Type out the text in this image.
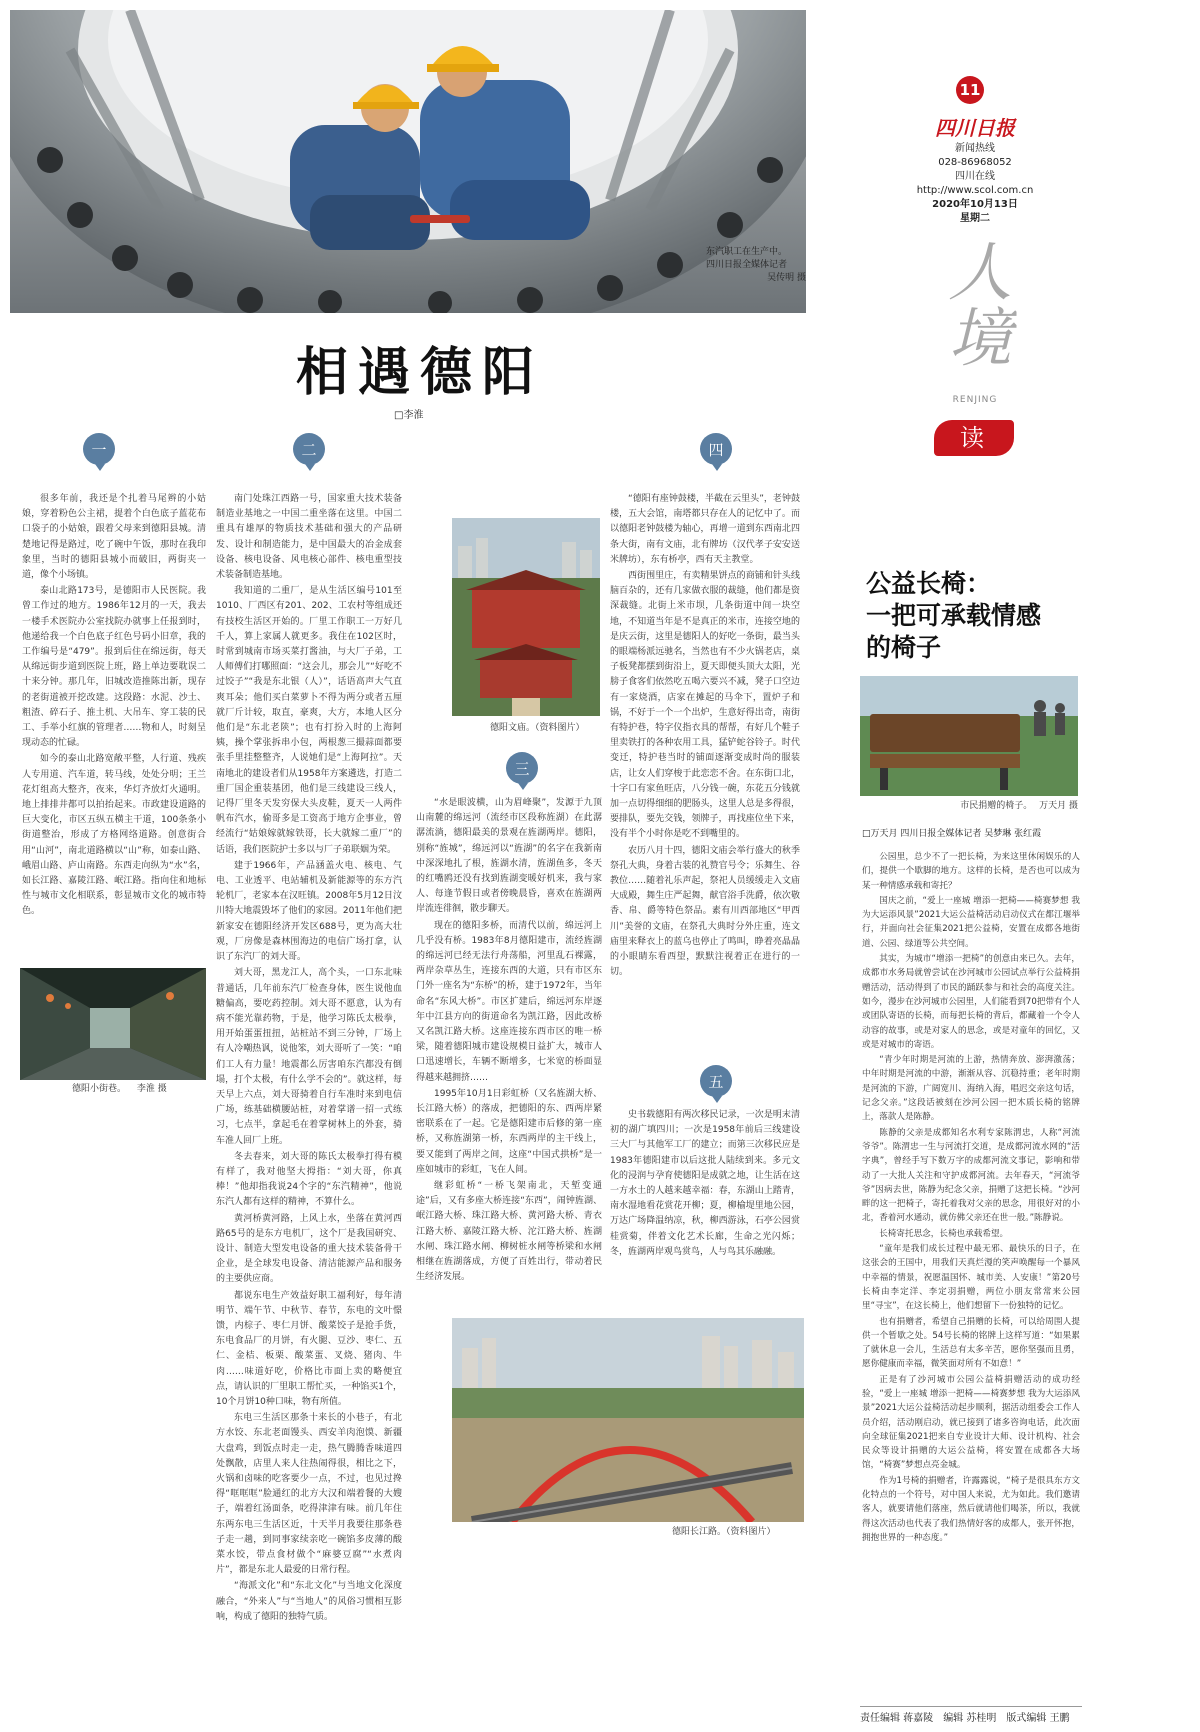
东汽职工在生产中。
四川日报全媒体记者
吴传明 摄
11
四川日报
新闻热线
028-86968052
四川在线
http://www.scol.com.cn
2020年10月13日
星期二
人境
RENJING
读城
相遇德阳
□李淮
一	二	四
三
五

很多年前，我还是个扎着马尾辫的小姑娘，穿着粉色公主裙，提着个白色底子蓝花布口袋子的小姑娘，跟着父母来到德阳县城。清楚地记得是路过，吃了碗中午饭，那时在我印象里，当时的德阳县城小而破旧，两街夹一道，像个小场镇。

泰山北路173号，是德阳市人民医院。我曾工作过的地方。1986年12月的一天，我去一楼手术医院办公室找院办就事上任报到时，他递给我一个白色底子红色号码小旧章，我的工作编号是“479”。报到后住在绵远街，每天从绵远街步道到医院上班，路上单边要耽误二十来分钟。那几年，旧城改造推陈出新，现存的老街道被开挖改建。这段路：水泥、沙土、粗渣、碎石子、推土机、大吊车、穿工装的民工、手举小红旗的管理者……物和人，时刻呈现动态的忙碌。

如今的泰山北路宽敞平整，人行道、残疾人专用道、汽车道，转马线，处处分明；王兰花灯组高大整齐，夜来，华灯齐放灯火通明。地上排排井都可以拍抬起来。市政建设道路的巨大变化，市区五纵五横主干道，100条条小街道整治，形成了方格网络道路。创意街合用“山河”，南北道路横以“山”称，如泰山路、峨眉山路、庐山南路。东西走向纵为“水”名，如长江路、嘉陵江路、岷江路。指向住和地标性与城市文化相联系，彰显城市文化的城市特色。

德阳小街巷。 李淮 摄

南门处珠江西路一号，国家重大技术装备制造业基地之一中国二重坐落在这里。中国二重具有雄厚的物质技术基础和强大的产品研发、设计和制造能力，是中国最大的冶金成套设备、核电设备、风电核心部件、核电重型技术装备制造基地。

我知道的二重厂，是从生活区编号101至1010、厂西区有201、202、工农村等组成还有技校生活区开始的。厂里工作职工一万好几千人，算上家属人就更多。我住在102区时，时常到城南市场买菜打酱油，与大厂子弟，工人师傅们打哪照面：“这会儿，那会儿”“好吃不过饺子”“我是东北银（人）”，话语高声大气直爽耳朵；他们买白菜萝卜不得为两分或者五厘就厂斤计较，取直，豪爽，大方，本地人区分他们是“东北老陕”；也有打扮入时的上海阿姨，操个掌张拆串小包，两根葱三撮蒜面都要张手里挂整整齐，人说她们是“上海阿拉”。天南地北的建设者们从1958年方案遴选，打造二重厂国企重装基团，他们是三线建设三线人，记得厂里冬天发穷保大头皮鞋，夏天一人两件帆布汽水，偷哥多是工资高于地方企事业，曾经流行“姑娘嫁就嫁铁哥，长大就嫁二重厂”的话语，我们医院护士多以与厂子弟联姻为荣。

建于1966年，产品涵盖火电、核电、气电、工业透平、电站辅机及新能源等的东方汽轮机厂，老家本在汉旺镇。2008年5月12日汶川特大地震毁坏了他们的家园。2011年他们把新家安在德阳经济开发区688号，更为高大壮观，厂房像是森林围海边的电信广场打拿，认识了东汽厂的刘大哥。

刘大哥，黑龙江人，高个头，一口东北味普通话，几年前东汽厂检查身体，医生说他血糖偏高，要吃药控制。刘大哥不愿意，认为有病不能光靠药物，于是，他学习陈氏太极拳，用开始蛋蛋扭扭，站桩站不到三分钟，厂场上有人冷嘲热讽，说他笨，刘大哥听了一笑：“咱们工人有力量！地震都么厉害咱东汽都没有倒塌，打个太极，有什么学不会的”。就这样，每天早上六点，刘大哥骑着自行车准时来到电信广场，练基础横腰站桩，对着掌谱一招一式练习，七点半，拿起毛在着掌树林上的外套，骑车准人回厂上班。

冬去春来，刘大哥的陈氏太极拳打得有模有样了，我对他坚大拇指：“刘大哥，你真棒！”他却指我说24个字的“东汽精神”，他说东汽人都有这样的精神，不算什么。

黄河桥黄河路，上风上水，坐落在黄河西路65号的是东方电机厂，这个厂是我国研究、设计、制造大型发电设备的重大技术装备骨干企业，是全球发电设备、清洁能源产品和服务的主要供应商。

都说东电生产效益好职工福利好，每年清明节、端午节、中秋节、春节，东电的文叶憬馈，内棕子、枣仁月饼、酸菜饺子是抢手货，东电食品厂的月饼，有火腿、豆沙、枣仁、五仁、金桔、板栗、酸菜蛋、叉烧、猪肉、牛肉……味道好吃，价格比市面上卖的略便宜点，请认识的厂里职工帮忙买，一种馅买1个，10个月饼10种口味，物有所值。

东电三生活区那条十来长的小巷子，有北方水饺、东北老面馒头、西安羊肉泡馍、新疆大盘鸡，到饭点时走一走，热气腾腾香味道四处飘散，店里人来人往热闹得很，相比之下，火锅和卤味的吃客要少一点，不过，也见过搀得“哐哐哐”脸通红的北方大汉和端着餐的大嫂子，端着红汤面条，吃得津津有味。前几年住东两东电三生活区近，十天半月我要往那条巷子走一趟，到同事家续亲吃一碗馅多皮薄的酸菜水饺，带点食材做个“麻婆豆腐”“水煮肉片”，都是东北人最爱的日常行程。

“海派文化”和“东北文化”与当地文化深度融合，“外来人”与“当地人”的风俗习惯相互影响，构成了德阳的独特气质。

德阳文庙。（资料图片）

“水是眼波横，山为眉峰聚”，发源于九顶山南麓的绵远河（流经市区段称旌湖）在此潺潺流淌，德阳最美的景观在旌湖两岸。德阳，别称“旌城”，绵远河以“旌湖”的名字在我新南中深深地扎了根，旌湖水清，旌湖鱼多，冬天的红嘴鸥还没有找到旌湖变暖好机来，我与家人、每逢节假日或者傍晚晨昏，喜欢在旌湖两岸流连徘徊，散步聊天。

现在的德阳多桥，而清代以前，绵远河上几乎没有桥。1983年8月德阳建市，流经旌湖的绵远河已经无法行舟荡船，河里乱石裸露，两岸杂草丛生，连接东西的大道，只有市区东门外一座名为“东桥”的桥，建于1972年，当年命名“东风大桥”。市区扩建后，绵远河东岸逐年中江县方向的街道命名为凯江路，因此改桥又名凯江路大桥。这座连接东西市区的唯一桥梁，随着德阳城市建设规模日益扩大，城市人口迅速增长，车辆不断增多，七米宽的桥面显得越来越拥挤……

1995年10月1日彩虹桥（又名旌湖大桥、长江路大桥）的落成，把德阳的东、西两岸紧密联系在了一起。它是德阳建市后修的第一座桥，又称旌湖第一桥，东西两岸的主干线上，要又能到了两岸之间，这座“中国式拱桥”是一座如城市的彩虹，飞在人间。

继彩虹桥“一桥飞架南北，天堑变通途”后，又有多座大桥连接“东西”，闹钟旌湖、岷江路大桥、珠江路大桥、黄河路大桥、青衣江路大桥、嘉陵江路大桥、沱江路大桥、旌湖水闸、珠江路水闸、柳树桩水闸等桥梁和水闸相继在旌湖落成，方便了百姓出行，带动着民生经济发展。

“德阳有座钟鼓楼，半截在云里头”，老钟鼓楼，五大会馆，南塔都只存在人的记忆中了。而以德阳老钟鼓楼为轴心，再增一道到东西南北四条大街，南有文庙，北有牌坊（汉代孝子安安送米牌坊），东有桥亭，西有天主教堂。

西街围里庄，有卖精果饼点的商铺和针头线脑百杂的，还有几家做衣服的裁缝，他们都是资深裁缝。北街上米市坝，几条街道中间一块空地，不知道当年是不是真正的米市，连接空地的是庆云街，这里是德阳人的好吃一条街，最当头的眼端杨派远驰名，当然也有不少火锅老店，桌子板凳都摆到街沿上，夏天即便头顶大太阳，光膀子食客们依然吃五喝六要兴不减，凳子口空边有一家烧酒，店家在摊起的马伞下，置炉子和锅，不好于一个一个出炉，生意好得出奇，南街有特护巷，特字仪指衣具的帮帮，有好几个鞋子里卖铁打的各种农用工具，猛铲蛇谷铃子。时代变迁，特护巷当时的铺面逐渐变成时尚的服装店，让女人们穿梭于此恋恋不舍。在东街口北，十字口有家鱼旺店，八分钱一碗，东花五分钱就加一点切得细细的肥肠头，这里人总是多得很，要排队，要先交钱，领牌子，再找座位坐下来，没有半个小时你是吃不到嘴里的。

农历八月十四，德阳文庙会举行盛大的秋季祭孔大典，身着古装的礼赞官号令；乐舞生、谷教位……随着礼乐声起，祭祀人员缓缓走入文庙大成殿，舞生庄严起舞，献官浴手洗爵，依次敬香、帛、爵等特色祭品。素有川西部地区“甲西川”美誉的文庙，在祭孔大典时分外庄重，连文庙里来释衣上的蓝乌也停止了鸣叫，睁着亮晶晶的小眼睛东看西望，默默注视着正在进行的一切。

史书载德阳有两次移民记录，一次是明末清初的湖广填四川；一次是1958年前后三线建设三大厂与其他军工厂的建立；而第三次移民应是1983年德阳建市以后这批人陆续到来。多元文化的浸润与孕育使德阳是成就之地，让生活在这一方水土的人越来越幸福：春，东湖山上踏青，南水湿地看花赏花开柳；夏，柳榆堤里地公园，万达广场降温纳凉，秋，柳西游泳，石亭公园赏桂赏菊，伴着文化艺术长廊，生命之光闪烁；冬，旌湖两岸观鸟赏鸟，人与鸟其乐融融。

德阳长江路。（资料图片）
公益长椅：
一把可承载情感
的椅子
市民捐赠的椅子。 万天月 摄
□万天月 四川日报全媒体记者 吴梦琳 张红霞

公园里，总少不了一把长椅，为来这里休闲娱乐的人们，提供一个歇脚的地方。这样的长椅，是否也可以成为某一种情感承载和寄托？

国庆之前，“爱上一座城 增添一把椅——椅赛梦想 我为大运添风景”2021大运公益椅活动启动仪式在都江堰举行，并面向社会征集2021把公益椅，安置在成都各地街道、公园、绿道等公共空间。

其实，为城市“增添一把椅”的创意由来已久。去年，成都市水务局就曾尝试在沙河城市公园试点举行公益椅捐赠活动，活动得到了市民的踊跃参与和社会的高度关注。如今，漫步在沙河城市公园里，人们能看到70把带有个人或团队寄语的长椅，而每把长椅的背后，都藏着一个令人动容的故事，或是对家人的思念，或是对童年的回忆，又或是对城市的寄语。

“青少年时期是河流的上游，热情奔放、澎湃激荡；中年时期是河流的中游，渐渐从容、沉稳持重；老年时期是河流的下游，广阔宽川、海纳入海，唱迟交亲这句话，记念父亲。”这段话被刻在沙河公园一把木质长椅的铭牌上，落款人是陈静。

陈静的父亲是成都知名水利专家陈渭忠，人称“河流爷爷”。陈渭忠一生与河流打交道，是成都河流水网的“活字典”，曾经手写下数万字的成都河流文事记，影响和带动了一大批人关注和守护成都河流。去年春天，“河流爷爷”因病去世，陈静为纪念父亲，捐赠了这把长椅。“沙河畔的这一把椅子，寄托着我对父亲的思念，用很好对的小北，香着河水通动，就仿佛父亲还在世一般。”陈静说。

长椅寄托思念，长椅也承载希望。

“童年是我们成长过程中最无邪、最快乐的日子，在这张会的王国中，用我们天真烂漫的笑声唤醒每一个暴风中幸福的情景，祝愿温国怀、城市美、人安康！”第20号长椅由李定洋、李定羽捐赠，两位小朋友常常来公园里“寻宝”，在这长椅上，他们想留下一份独特的记忆。

也有捐赠者，希望自己捐赠的长椅，可以给周围人提供一个暂歇之处。54号长椅的铭牌上这样写道：“如果累了就休息一会儿，生活总有太多辛苦，愿你坚强而且勇，愿你健康而幸福，微笑面对所有不如意！”

正是有了沙河城市公园公益椅捐赠活动的成功经验，“爱上一座城 增添一把椅——椅赛梦想 我为大运添风景”2021大运公益椅活动起步顺利，据活动组委会工作人员介绍，活动刚启动，就已接到了诸多咨询电话，此次面向全球征集2021把来自专业设计大师、设计机构、社会民众等设计捐赠的大运公益椅，将安置在成都各大场馆，“椅赛”梦想点亮金城。

作为1号椅的捐赠者，许露露说，“椅子是很具东方文化特点的一个符号，对中国人来说，尤为如此。我们邀请客人，就要请他们落座，然后就请他们喝茶，所以，我就得这次活动也代表了我们热情好客的成都人，张开怀抱，拥抱世界的一种态度。”

责任编辑 蒋嘉陵 编辑 苏桂明 版式编辑 王鹏
